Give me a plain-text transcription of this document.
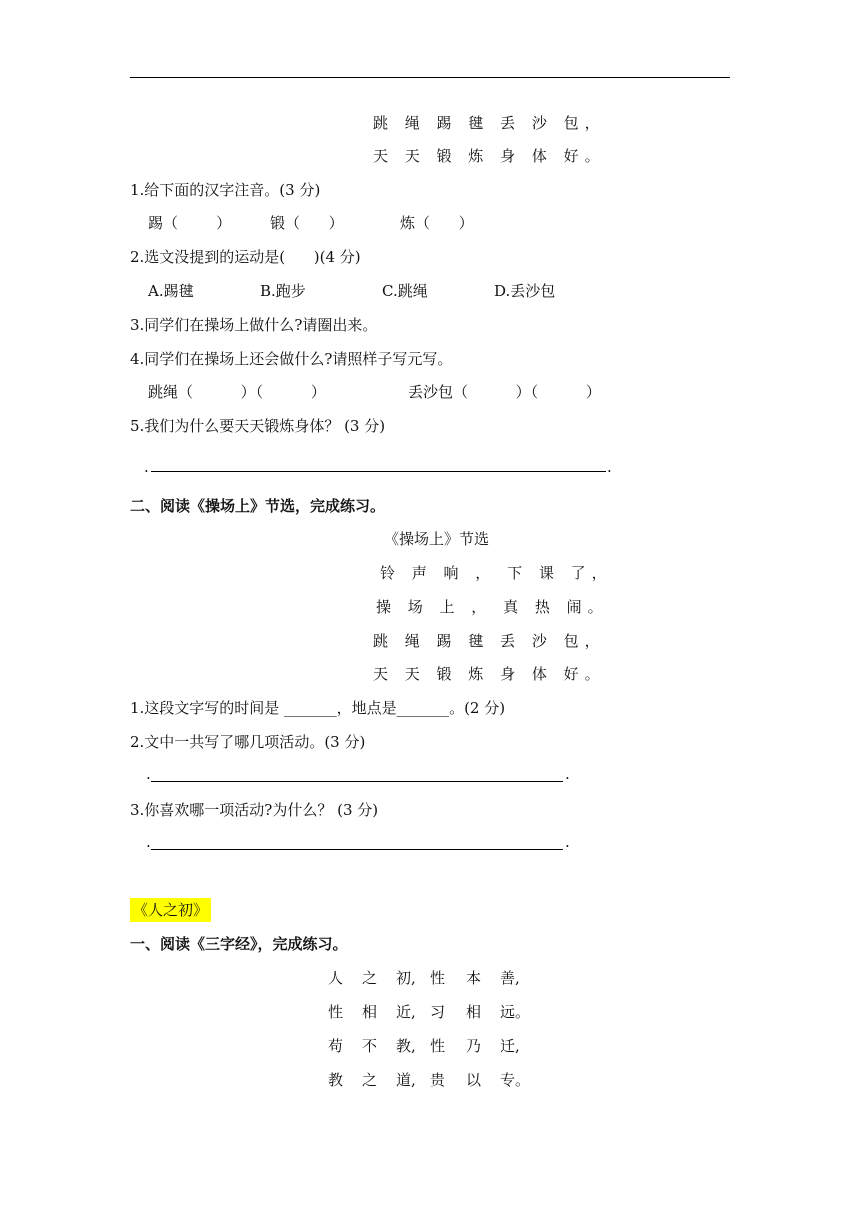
跳 绳 踢 毽 丢 沙 包，
天 天 锻 炼 身 体 好。
1.给下面的汉字注音。(3 分)
踢（        ）	锻（      ）	炼（      ）
2.选文没提到的运动是(      )(4 分)
A.踢毽	B.跑步	C.跳绳	D.丢沙包
3.同学们在操场上做什么?请圈出来。
4.同学们在操场上还会做什么?请照样子写元写。
跳绳（          ）（          ）	丢沙包（          ）（          ）
5.我们为什么要天天锻炼身体？ (3 分)
.	.
二、阅读《操场上》节选，完成练习。
《操场上》节选
铃 声 响 ， 下 课 了，
操 场 上 ， 真 热 闹。
跳 绳 踢 毽 丢 沙 包，
天 天 锻 炼 身 体 好。
1.这段文字写的时间是 _______，地点是_______。(2 分)
2.文中一共写了哪几项活动。(3 分)
.	.
3.你喜欢哪一项活动?为什么？ (3 分)
.	.
《人之初》
一、阅读《三字经》，完成练习。
人 之 初, 性 本 善,
性 相 近, 习 相 远。
苟 不 教, 性 乃 迁,
教 之 道, 贵 以 专。
